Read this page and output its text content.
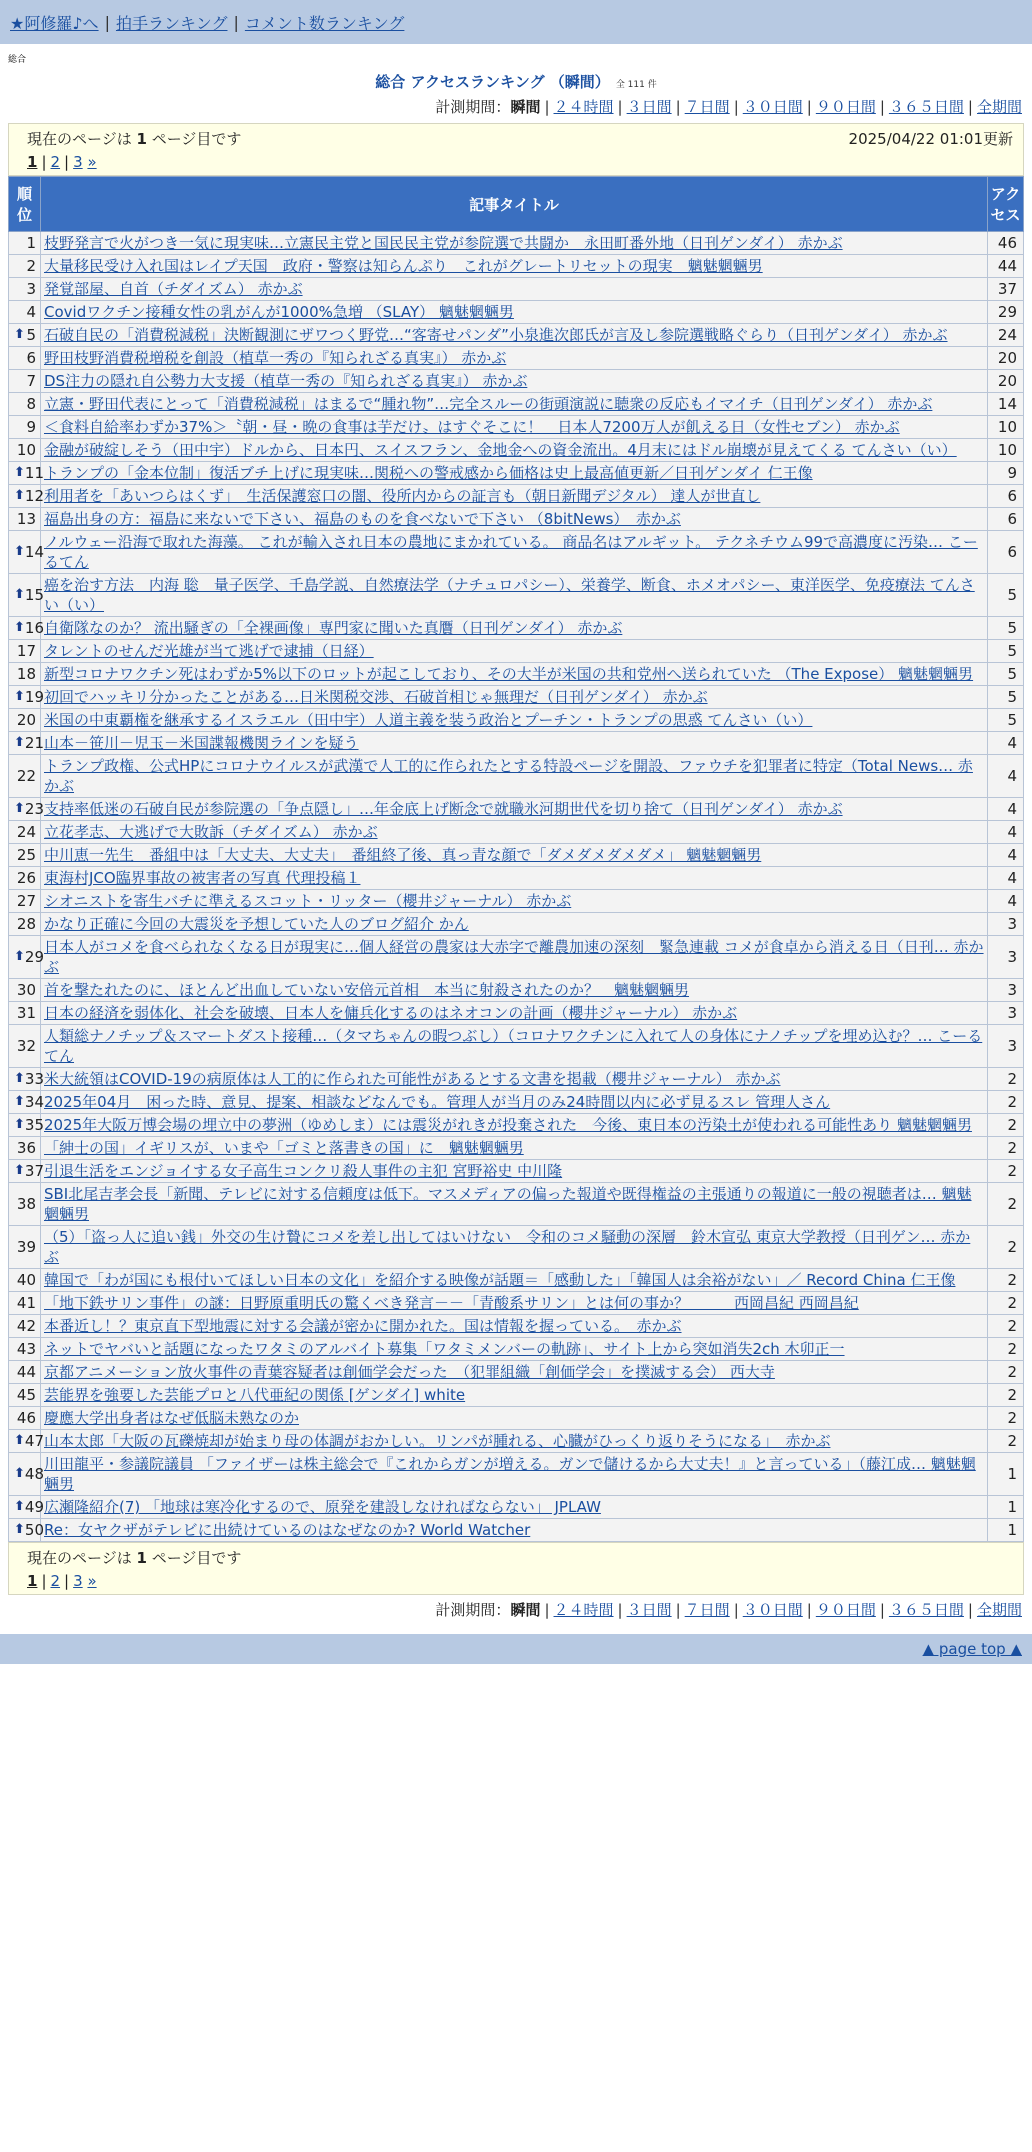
★阿修羅♪へ | 拍手ランキング | コメント数ランキング
総合
総合 アクセスランキング （瞬間） 全 111 件
計測期間：瞬間 | ２４時間 | ３日間 | ７日間 | ３０日間 | ９０日間 | ３６５日間 | 全期間
現在のページは 1 ページ目です	2025/04/22 01:01更新
1 | 2 | 3 »
順位	記事タイトル	アクセス
1	枝野発言で火がつき一気に現実味…立憲民主党と国民民主党が参院選で共闘か　永田町番外地（日刊ゲンダイ） 赤かぶ	46
2	大量移民受け入れ国はレイプ天国　政府・警察は知らんぷり　これがグレートリセットの現実　魑魅魍魎男	44
3	発覚部屋、自首（チダイズム） 赤かぶ	37
4	Covidワクチン接種女性の乳がんが1000%急増 （SLAY） 魑魅魍魎男	29

⬆ 5	石破自民の「消費税減税」決断観測にザワつく野党…“客寄せパンダ”小泉進次郎氏が言及し参院選戦略ぐらり（日刊ゲンダイ） 赤かぶ	24
6	野田枝野消費税増税を創設（植草一秀の『知られざる真実』） 赤かぶ	20
7	DS注力の隠れ自公勢力大支援（植草一秀の『知られざる真実』） 赤かぶ	20
8	立憲・野田代表にとって「消費税減税」はまるで“腫れ物”…完全スルーの街頭演説に聴衆の反応もイマイチ（日刊ゲンダイ） 赤かぶ	14
9	＜食料自給率わずか37%＞〝朝・昼・晩の食事は芋だけ〟はすぐそこに！　日本人7200万人が飢える日（女性セブン） 赤かぶ	10
10	金融が破綻しそう（田中宇）ドルから、日本円、スイスフラン、金地金への資金流出。4月末にはドル崩壊が見えてくる てんさい（い）	10

⬆ 11	トランプの「金本位制」復活ブチ上げに現実味…関税への警戒感から価格は史上最高値更新／日刊ゲンダイ 仁王像	9

⬆ 12	利用者を「あいつらはくず」　生活保護窓口の闇、役所内からの証言も（朝日新聞デジタル） 達人が世直し	6
13	福島出身の方：福島に来ないで下さい、福島のものを食べないで下さい （8bitNews）　赤かぶ	6

⬆ 14	ノルウェー沿海で取れた海藻。 これが輸入され日本の農地にまかれている。 商品名はアルギット。 テクネチウム99で高濃度に汚染… こーるてん	6

⬆ 15	癌を治す方法　内海 聡　量子医学、千島学説、自然療法学（ナチュロパシー）、栄養学、断食、ホメオパシー、東洋医学、免疫療法 てんさい（い）	5

⬆ 16	自衛隊なのか？ 流出騒ぎの「全裸画像」専門家に聞いた真贋（日刊ゲンダイ） 赤かぶ	5
17	タレントのせんだ光雄が当て逃げで逮捕（日経）	5
18	新型コロナワクチン死はわずか5%以下のロットが起こしており、その大半が米国の共和党州へ送られていた （The Expose） 魑魅魍魎男	5

⬆ 19	初回でハッキリ分かったことがある…日米関税交渉、石破首相じゃ無理だ（日刊ゲンダイ） 赤かぶ	5
20	米国の中東覇権を継承するイスラエル（田中宇）人道主義を装う政治とプーチン・トランプの思惑 てんさい（い）	5

⬆ 21	山本－笹川－児玉－米国諜報機関ラインを疑う	4
22	トランプ政権、公式HPにコロナウイルスが武漢で人工的に作られたとする特設ページを開設、ファウチを犯罪者に特定（Total News… 赤かぶ	4

⬆ 23	支持率低迷の石破自民が参院選の「争点隠し」…年金底上げ断念で就職氷河期世代を切り捨て（日刊ゲンダイ） 赤かぶ	4
24	立花孝志、大逃げで大敗訴（チダイズム） 赤かぶ	4
25	中川恵一先生　番組中は「大丈夫、大丈夫」　番組終了後、真っ青な顔で「ダメダメダメダメ」 魑魅魍魎男	4
26	東海村JCO臨界事故の被害者の写真 代理投稿１	4
27	シオニストを寄生バチに準えるスコット・リッター（櫻井ジャーナル） 赤かぶ	4
28	かなり正確に今回の大震災を予想していた人のブログ紹介 かん	3

⬆ 29	日本人がコメを食べられなくなる日が現実に…個人経営の農家は大赤字で離農加速の深刻　緊急連載 コメが食卓から消える日（日刊… 赤かぶ	3
30	首を撃たれたのに、ほとんど出血していない安倍元首相　本当に射殺されたのか？　魑魅魍魎男	3
31	日本の経済を弱体化、社会を破壊、日本人を傭兵化するのはネオコンの計画（櫻井ジャーナル） 赤かぶ	3
32	人類総ナノチップ＆スマートダスト接種…（タマちゃんの暇つぶし）（コロナワクチンに入れて人の身体にナノチップを埋め込む？… こーるてん	3

⬆ 33	米大統領はCOVID-19の病原体は人工的に作られた可能性があるとする文書を掲載（櫻井ジャーナル） 赤かぶ	2

⬆ 34	2025年04月　困った時、意見、提案、相談などなんでも。管理人が当月のみ24時間以内に必ず見るスレ 管理人さん	2

⬆ 35	2025年大阪万博会場の埋立中の夢洲（ゆめしま）には震災がれきが投棄された　今後、東日本の汚染土が使われる可能性あり 魑魅魍魎男	2
36	「紳士の国」イギリスが、いまや「ゴミと落書きの国」に　魑魅魍魎男	2

⬆ 37	引退生活をエンジョイする女子高生コンクリ殺人事件の主犯 宮野裕史 中川隆	2
38	SBI北尾吉孝会長「新聞、テレビに対する信頼度は低下。マスメディアの偏った報道や既得権益の主張通りの報道に一般の視聴者は… 魑魅魍魎男	2
39	（5）「盗っ人に追い銭」外交の生け贄にコメを差し出してはいけない　令和のコメ騒動の深層　鈴木宣弘 東京大学教授（日刊ゲン… 赤かぶ	2
40	韓国で「わが国にも根付いてほしい日本の文化」を紹介する映像が話題＝「感動した」「韓国人は余裕がない」／ Record China 仁王像	2
41	「地下鉄サリン事件」の謎：日野原重明氏の驚くべき発言－－「青酸系サリン」とは何の事か？　　　西岡昌紀 西岡昌紀	2
42	本番近し！？東京直下型地震に対する会議が密かに開かれた。国は情報を握っている。　赤かぶ	2
43	ネットでヤバいと話題になったワタミのアルバイト募集「ワタミメンバーの軌跡」、サイト上から突如消失2ch 木卯正一	2
44	京都アニメーション放火事件の青葉容疑者は創価学会だった　（犯罪組織「創価学会」を撲滅する会） 西大寺	2
45	芸能界を強要した芸能プロと八代亜紀の関係 [ゲンダイ] white	2
46	慶應大学出身者はなぜ低脳未熟なのか	2

⬆ 47	山本太郎「大阪の瓦礫焼却が始まり母の体調がおかしい。リンパが腫れる、心臓がひっくり返りそうになる」　赤かぶ	2

⬆ 48	川田龍平・参議院議員 「ファイザーは株主総会で『これからガンが増える。ガンで儲けるから大丈夫！』と言っている」（藤江成… 魑魅魍魎男	1

⬆ 49	広瀬隆紹介(7) 「地球は寒冷化するので、原発を建設しなければならない」 JPLAW	1

⬆ 50	Re：女ヤクザがテレビに出続けているのはなぜなのか? World Watcher	1
現在のページは 1 ページ目です
1 | 2 | 3 »
計測期間：瞬間 | ２４時間 | ３日間 | ７日間 | ３０日間 | ９０日間 | ３６５日間 | 全期間
▲ page top ▲
